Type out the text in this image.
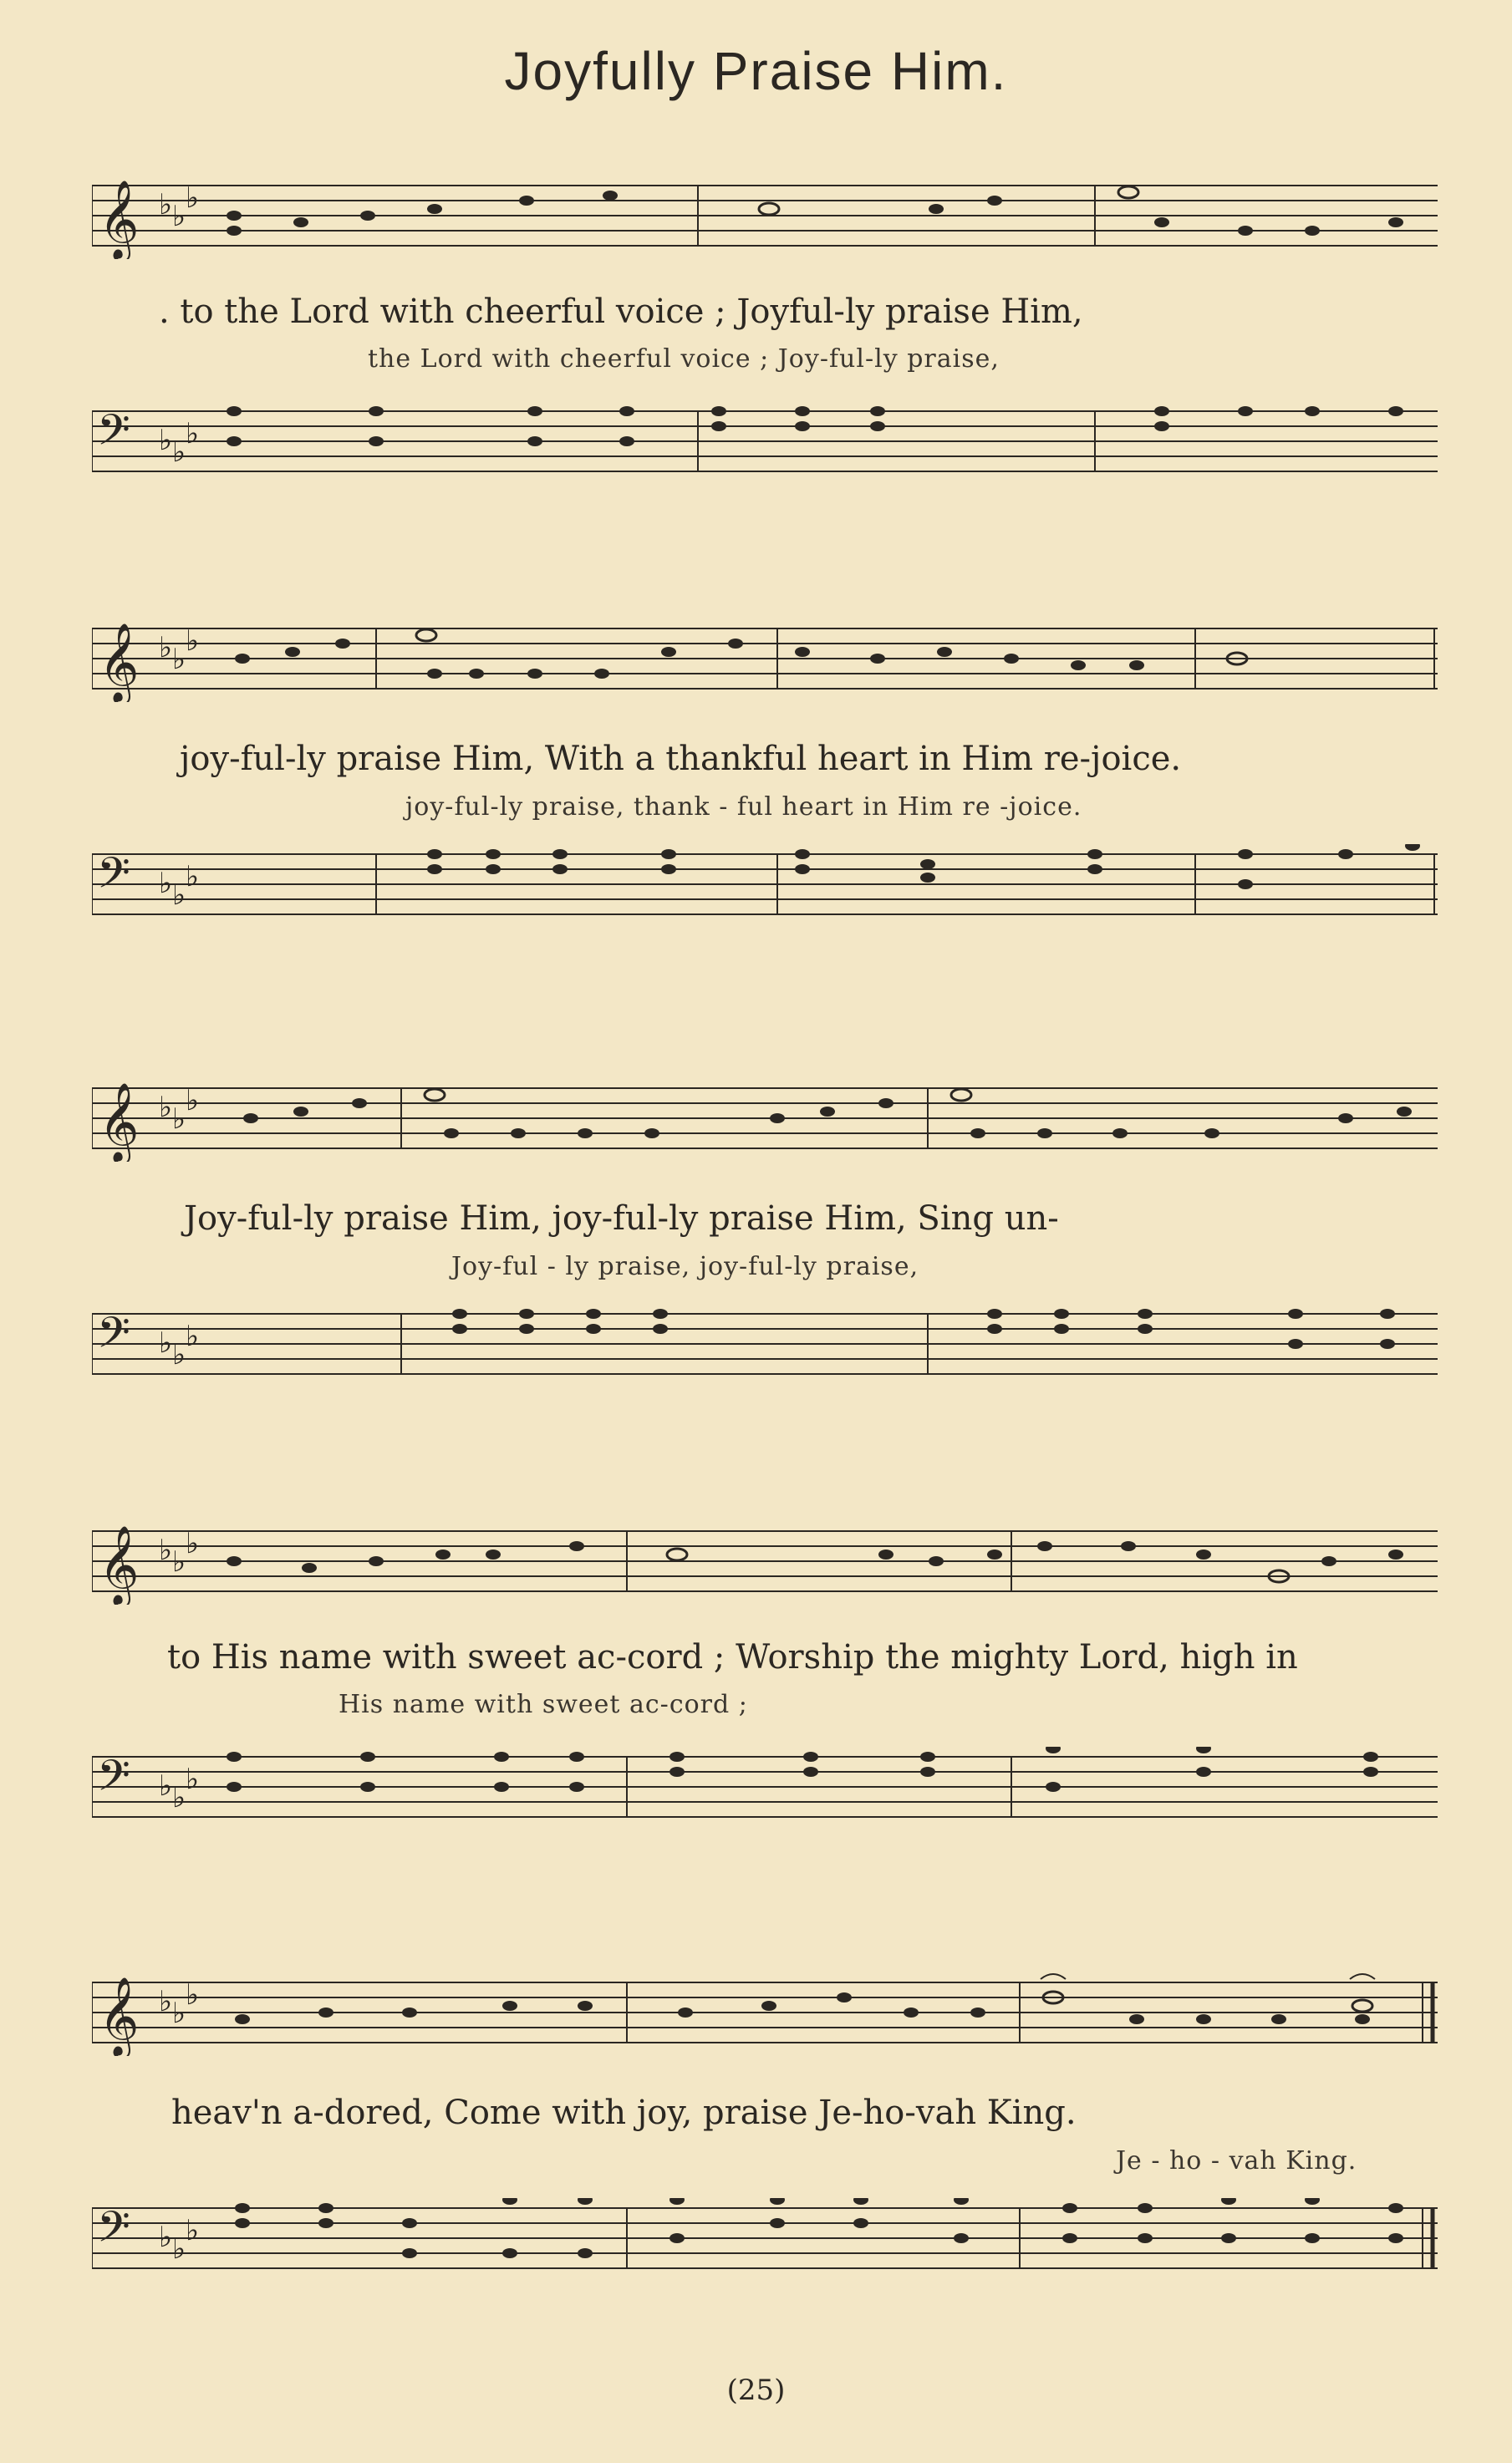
Joyfully Praise Him.
𝄞 ♭ ♭
♭
. to the Lord with cheerful voice ; Joyful-ly praise Him,
the Lord with cheerful voice ; Joy-ful-ly praise,
𝄢 ♭ ♭
♭
𝄞 ♭ ♭
♭
joy-ful-ly praise Him, With a thankful heart in Him re-joice.
joy-ful-ly praise, thank - ful heart in Him re -joice.
𝄢 ♭ ♭
♭
𝄞 ♭ ♭
♭
Joy-ful-ly praise Him, joy-ful-ly praise Him, Sing un-
Joy-ful - ly praise, joy-ful-ly praise,
𝄢 ♭ ♭
♭
𝄞 ♭ ♭
♭
to His name with sweet ac-cord ; Worship the mighty Lord, high in
His name with sweet ac-cord ;
𝄢 ♭ ♭
♭
𝄞 ♭ ♭
♭
heav'n a-dored, Come with joy, praise Je-ho-vah King.
Je - ho - vah King.
𝄢 ♭ ♭
♭
(25)
